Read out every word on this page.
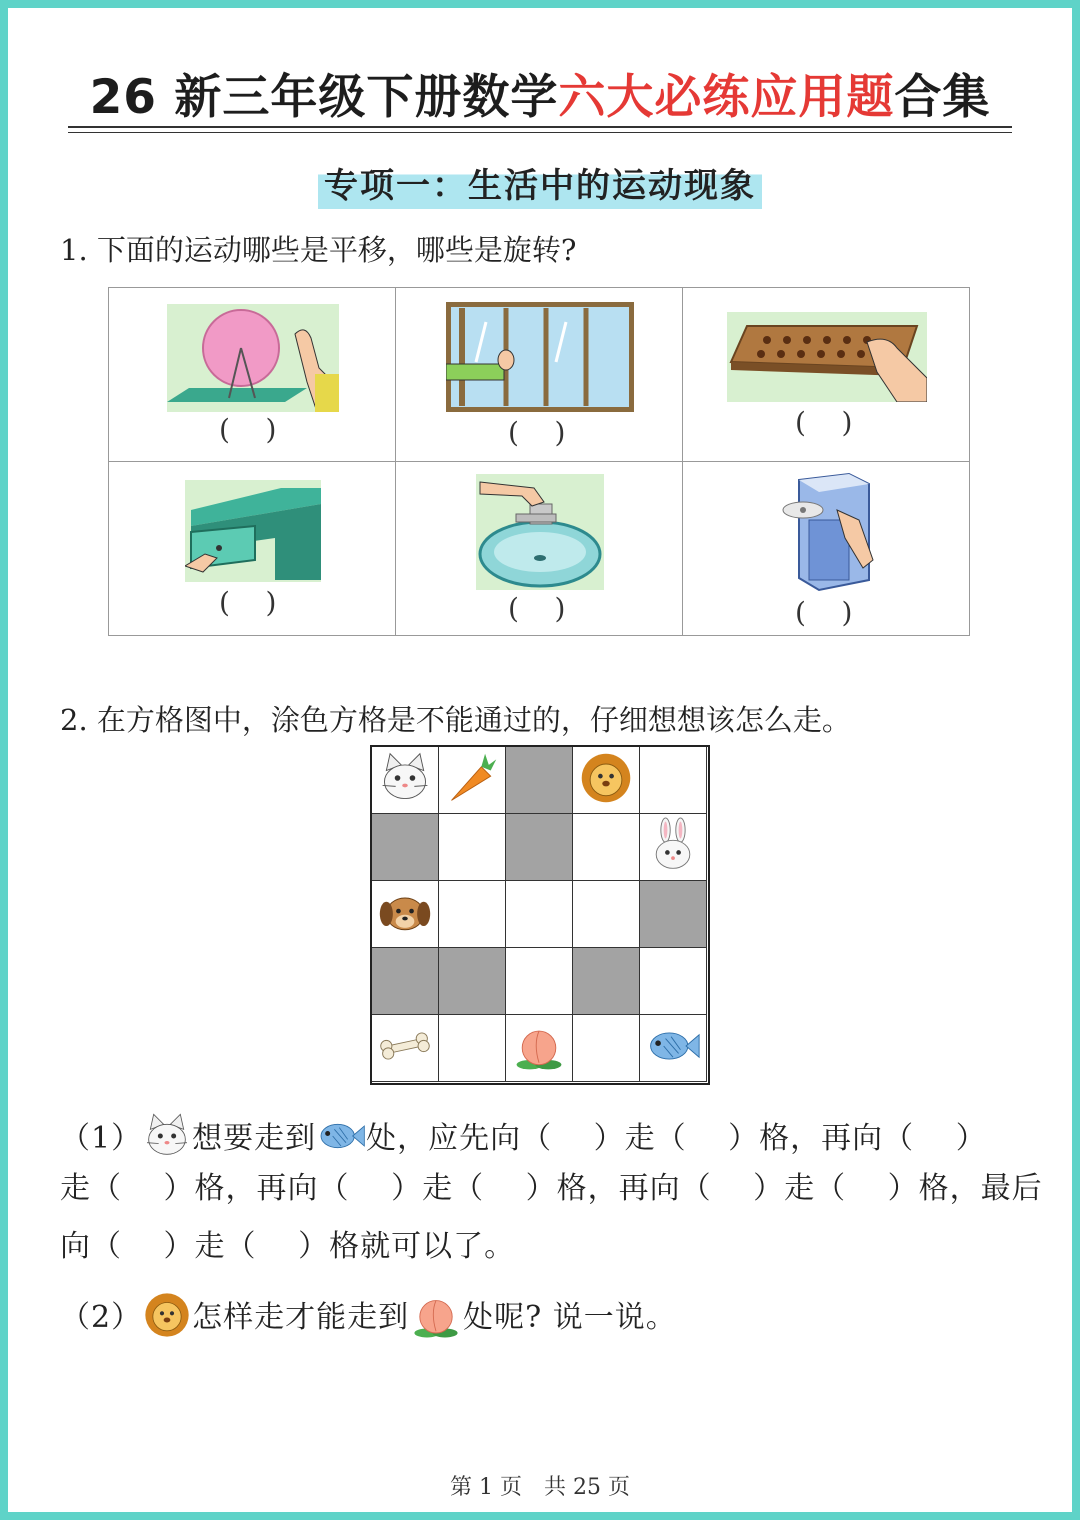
26 新三年级下册数学六大必练应用题合集
专项一：生活中的运动现象
1. 下面的运动哪些是平移，哪些是旋转?
(    )	(    )	(    )

(    )	(    )	(    )
2. 在方格图中，涂色方格是不能通过的，仔细想想该怎么走。

（1） 想要走到 处，应先向（　 ）走（　 ）格，再向（　 ）
走（　 ）格，再向（　 ）走（　 ）格，再向（　 ）走（　 ）格，最后
向（　 ）走（　 ）格就可以了。
（2） 怎样走才能走到 处呢? 说一说。
第 1 页　共 25 页
